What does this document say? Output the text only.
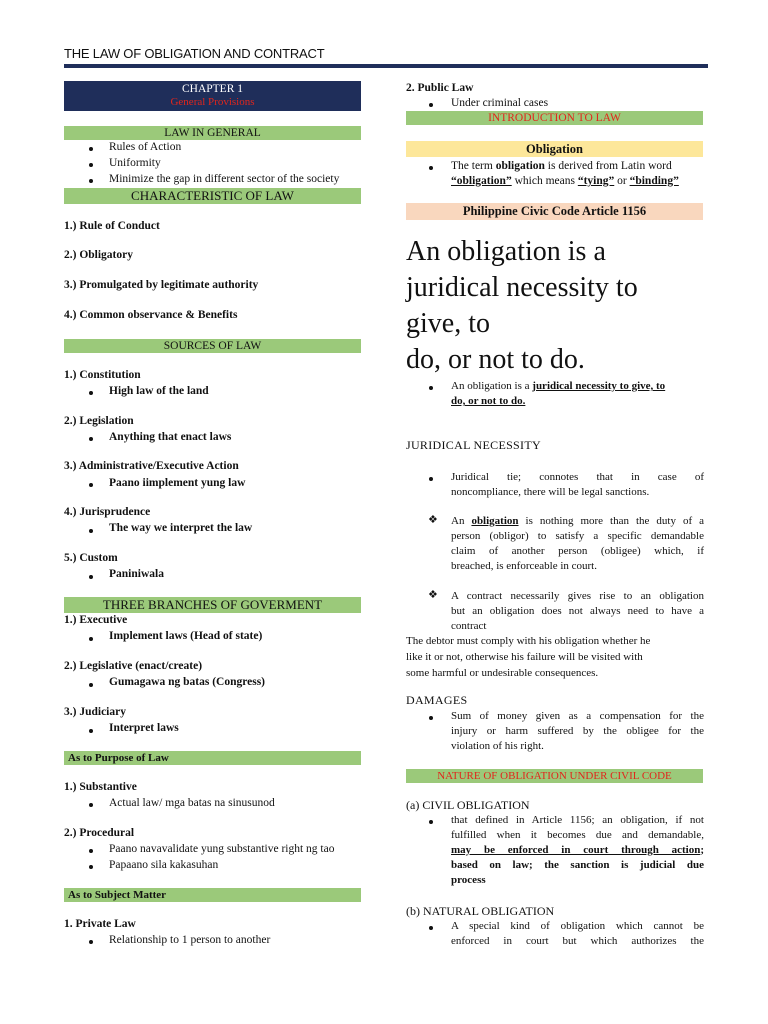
THE LAW OF OBLIGATION AND CONTRACT
CHAPTER 1
General Provisions
LAW IN GENERAL
Rules of Action
Uniformity
Minimize the gap in different sector of the society
CHARACTERISTIC OF LAW
1.) Rule of Conduct
2.) Obligatory
3.) Promulgated by legitimate authority
4.) Common observance & Benefits
SOURCES OF LAW
1.) Constitution
High law of the land
2.) Legislation
Anything that enact laws
3.) Administrative/Executive Action
Paano iimplement yung law
4.) Jurisprudence
The way we interpret the law
5.) Custom
Paniniwala
THREE BRANCHES OF GOVERMENT
1.) Executive
Implement laws (Head of state)
2.) Legislative (enact/create)
Gumagawa ng batas (Congress)
3.) Judiciary
Interpret laws
As to Purpose of Law
1.) Substantive
Actual law/ mga batas na sinusunod
2.) Procedural
Paano navavalidate yung substantive right ng tao
Papaano sila kakasuhan
As to Subject Matter
1. Private Law
Relationship to 1 person to another
2. Public Law
Under criminal cases
INTRODUCTION TO LAW
Obligation
The term obligation is derived from Latin word
“obligation” which means “tying” or “binding”
Philippine Civic Code Article 1156
An obligation is a
juridical necessity to
give, to
do, or not to do.
An obligation is a juridical necessity to give, to
do, or not to do.
JURIDICAL NECESSITY
Juridical tie; connotes that in case of
noncompliance, there will be legal sanctions.
❖ An obligation is nothing more than the duty of a
person (obligor) to satisfy a specific demandable
claim of another person (obligee) which, if
breached, is enforceable in court.
❖ A contract necessarily gives rise to an obligation
but an obligation does not always need to have a
contract
The debtor must comply with his obligation whether he
like it or not, otherwise his failure will be visited with
some harmful or undesirable consequences.
DAMAGES
Sum of money given as a compensation for the
injury or harm suffered by the obligee for the
violation of his right.
NATURE OF OBLIGATION UNDER CIVIL CODE
(a) CIVIL OBLIGATION
that defined in Article 1156; an obligation, if not
fulfilled when it becomes due and demandable,
may be enforced in court through action;
based on law; the sanction is judicial due
process
(b) NATURAL OBLIGATION
A special kind of obligation which cannot be
enforced in court but which authorizes the
